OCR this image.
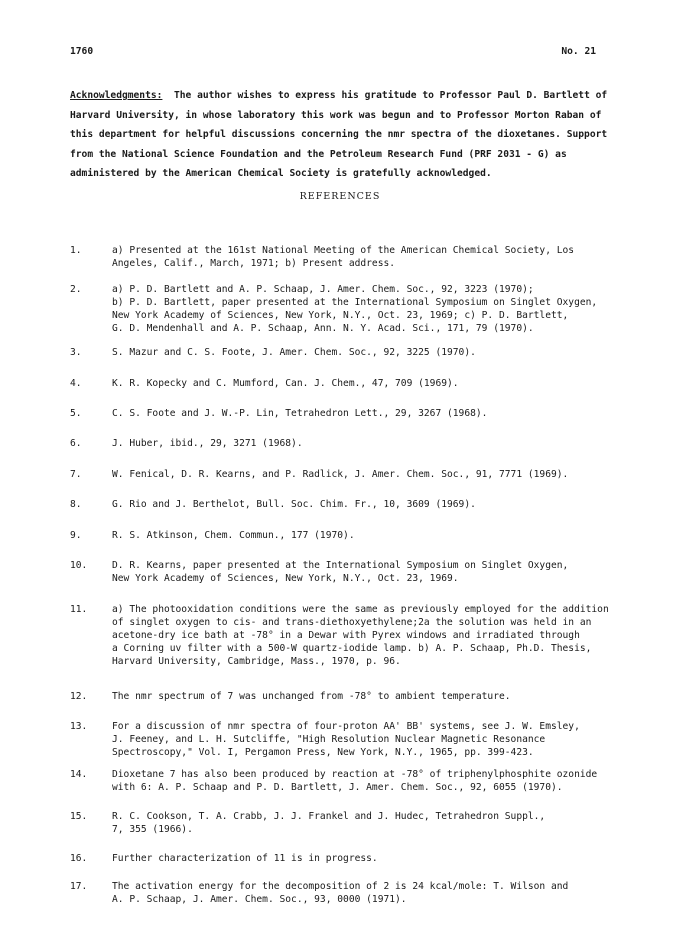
1760	No. 21
Acknowledgments: The author wishes to express his gratitude to Professor Paul D. Bartlett of Harvard University, in whose laboratory this work was begun and to Professor Morton Raban of this department for helpful discussions concerning the nmr spectra of the dioxetanes. Support from the National Science Foundation and the Petroleum Research Fund (PRF 2031 - G) as administered by the American Chemical Society is gratefully acknowledged.
REFERENCES
1.	a) Presented at the 161st National Meeting of the American Chemical Society, Los
Angeles, Calif., March, 1971; b) Present address.
2.	a) P. D. Bartlett and A. P. Schaap, J. Amer. Chem. Soc., 92, 3223 (1970);
b) P. D. Bartlett, paper presented at the International Symposium on Singlet Oxygen,
New York Academy of Sciences, New York, N.Y., Oct. 23, 1969; c) P. D. Bartlett,
G. D. Mendenhall and A. P. Schaap, Ann. N. Y. Acad. Sci., 171, 79 (1970).
3.	S. Mazur and C. S. Foote, J. Amer. Chem. Soc., 92, 3225 (1970).
4.	K. R. Kopecky and C. Mumford, Can. J. Chem., 47, 709 (1969).
5.	C. S. Foote and J. W.-P. Lin, Tetrahedron Lett., 29, 3267 (1968).
6.	J. Huber, ibid., 29, 3271 (1968).
7.	W. Fenical, D. R. Kearns, and P. Radlick, J. Amer. Chem. Soc., 91, 7771 (1969).
8.	G. Rio and J. Berthelot, Bull. Soc. Chim. Fr., 10, 3609 (1969).
9.	R. S. Atkinson, Chem. Commun., 177 (1970).
10.	D. R. Kearns, paper presented at the International Symposium on Singlet Oxygen,
New York Academy of Sciences, New York, N.Y., Oct. 23, 1969.
11.	a) The photooxidation conditions were the same as previously employed for the addition
of singlet oxygen to cis- and trans-diethoxyethylene;2a the solution was held in an
acetone-dry ice bath at -78° in a Dewar with Pyrex windows and irradiated through
a Corning uv filter with a 500-W quartz-iodide lamp. b) A. P. Schaap, Ph.D. Thesis,
Harvard University, Cambridge, Mass., 1970, p. 96.
12.	The nmr spectrum of 7 was unchanged from -78° to ambient temperature.
13.	For a discussion of nmr spectra of four-proton AA' BB' systems, see J. W. Emsley,
J. Feeney, and L. H. Sutcliffe, "High Resolution Nuclear Magnetic Resonance
Spectroscopy," Vol. I, Pergamon Press, New York, N.Y., 1965, pp. 399-423.
14.	Dioxetane 7 has also been produced by reaction at -78° of triphenylphosphite ozonide
with 6: A. P. Schaap and P. D. Bartlett, J. Amer. Chem. Soc., 92, 6055 (1970).
15.	R. C. Cookson, T. A. Crabb, J. J. Frankel and J. Hudec, Tetrahedron Suppl.,
7, 355 (1966).
16.	Further characterization of 11 is in progress.
17.	The activation energy for the decomposition of 2 is 24 kcal/mole: T. Wilson and
A. P. Schaap, J. Amer. Chem. Soc., 93, 0000 (1971).
